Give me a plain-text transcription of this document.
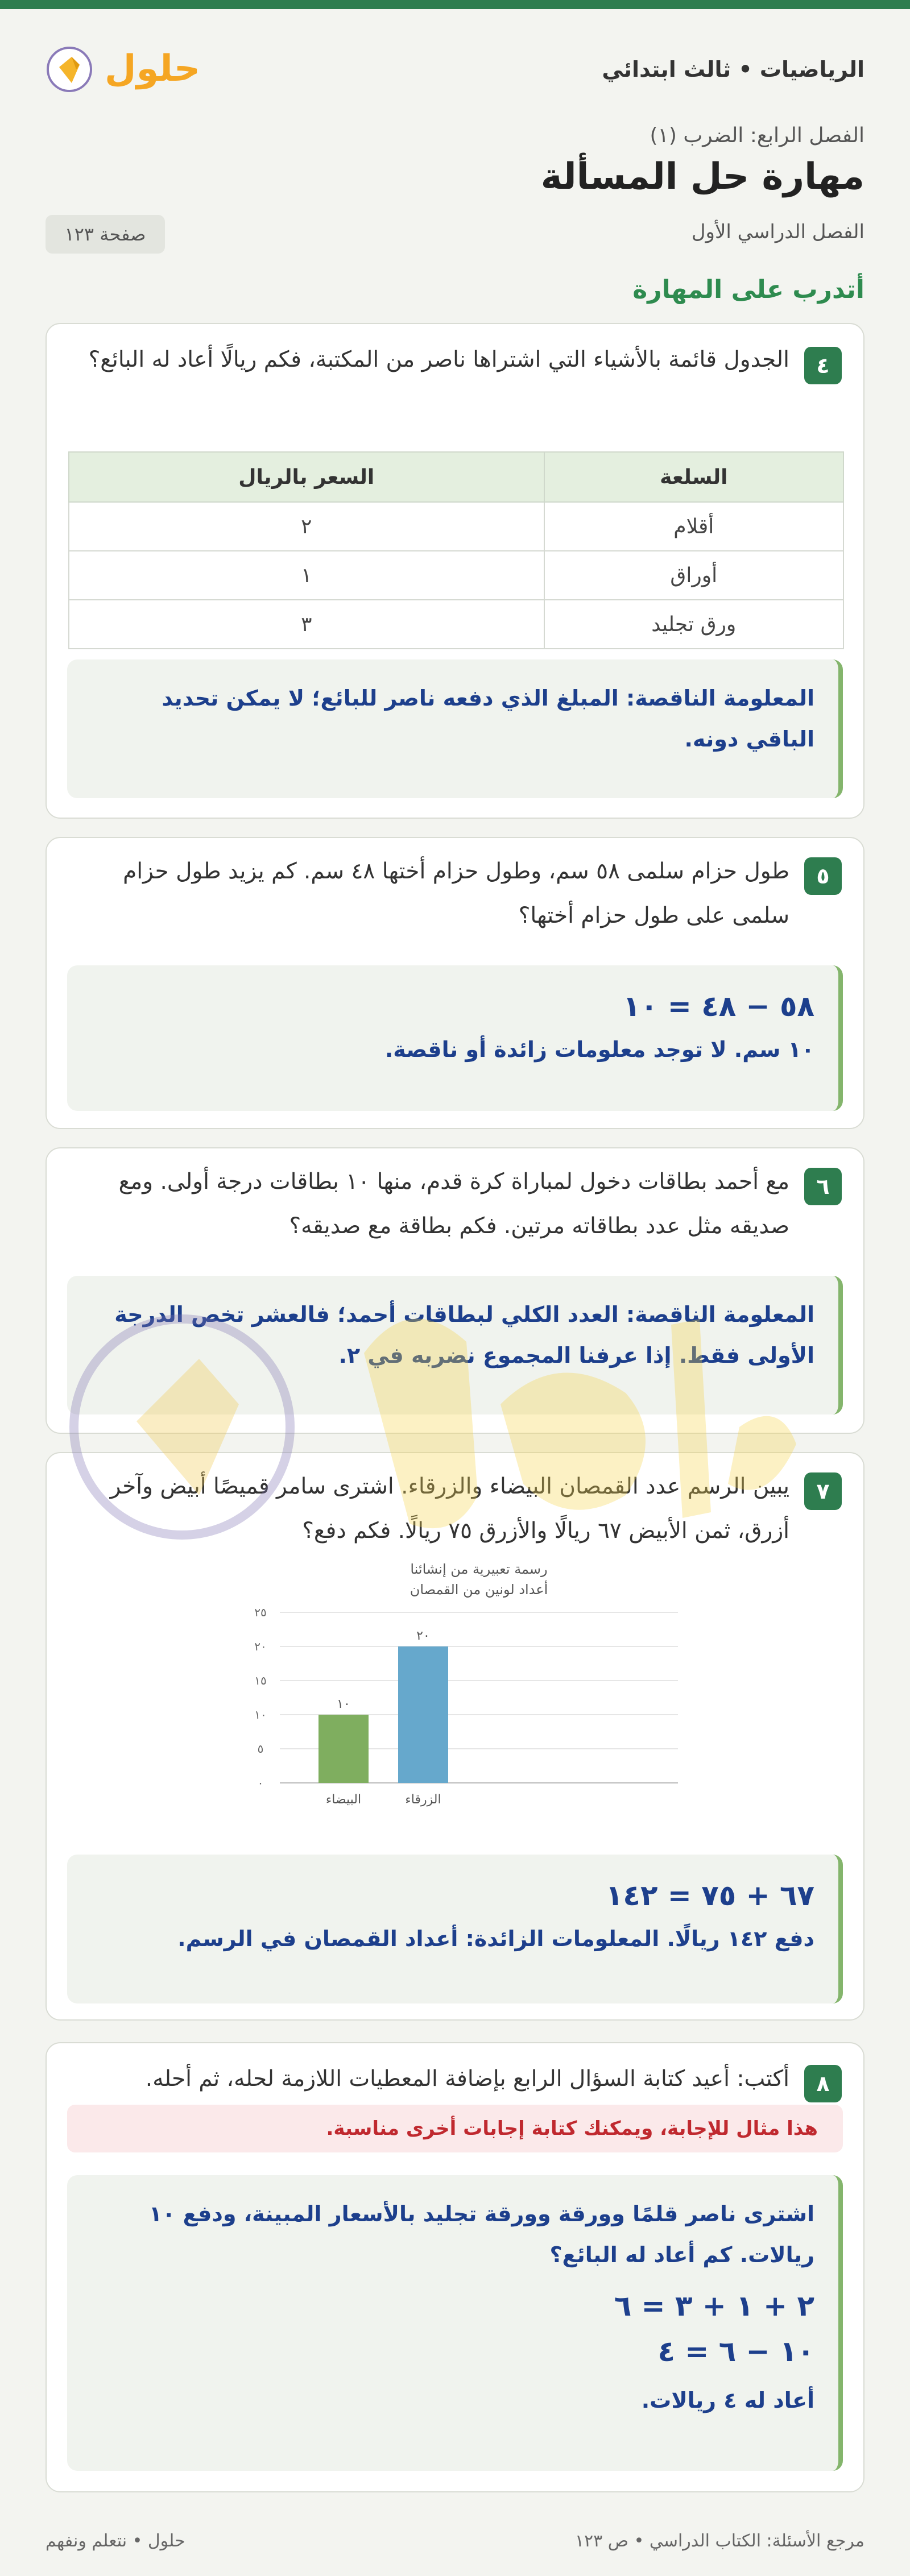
حلول	الرياضيات • ثالث ابتدائي
الفصل الرابع: الضرب (١)
مهارة حل المسألة
الفصل الدراسي الأول
صفحة ١٢٣
أتدرب على المهارة
٤
الجدول قائمة بالأشياء التي اشتراها ناصر من المكتبة، فكم ريالًا أعاد له البائع؟
السلعة	السعر بالريال
أقلام	٢
أوراق	١
ورق تجليد	٣
المعلومة الناقصة: المبلغ الذي دفعه ناصر للبائع؛ لا يمكن تحديد الباقي دونه.
٥
طول حزام سلمى ٥٨ سم، وطول حزام أختها ٤٨ سم. كم يزيد طول حزام سلمى على طول حزام أختها؟
٥٨ − ٤٨ = ١٠
١٠ سم. لا توجد معلومات زائدة أو ناقصة.
٦
مع أحمد بطاقات دخول لمباراة كرة قدم، منها ١٠ بطاقات درجة أولى. ومع صديقه مثل عدد بطاقاته مرتين. فكم بطاقة مع صديقه؟
المعلومة الناقصة: العدد الكلي لبطاقات أحمد؛ فالعشر تخص الدرجة الأولى فقط. إذا عرفنا المجموع نضربه في ٢.
٧
يبين الرسم عدد القمصان البيضاء والزرقاء. اشترى سامر قميصًا أبيض وآخر أزرق، ثمن الأبيض ٦٧ ريالًا والأزرق ٧٥ ريالًا. فكم دفع؟
رسمة تعبيرية من إنشائنا
أعداد لونين من القمصان
٠
٥
١٠
١٥
٢٠
٢٥
١٠
البيضاء
٢٠
الزرقاء
٦٧ + ٧٥ = ١٤٢
دفع ١٤٢ ريالًا. المعلومات الزائدة: أعداد القمصان في الرسم.
٨
أكتب: أعيد كتابة السؤال الرابع بإضافة المعطيات اللازمة لحله، ثم أحله.
هذا مثال للإجابة، ويمكنك كتابة إجابات أخرى مناسبة.
اشترى ناصر قلمًا وورقة وورقة تجليد بالأسعار المبينة، ودفع ١٠ ريالات. كم أعاد له البائع؟
٢ + ١ + ٣ = ٦
١٠ − ٦ = ٤
أعاد له ٤ ريالات.
مرجع الأسئلة: الكتاب الدراسي • ص ١٢٣
حلول • نتعلم ونفهم
